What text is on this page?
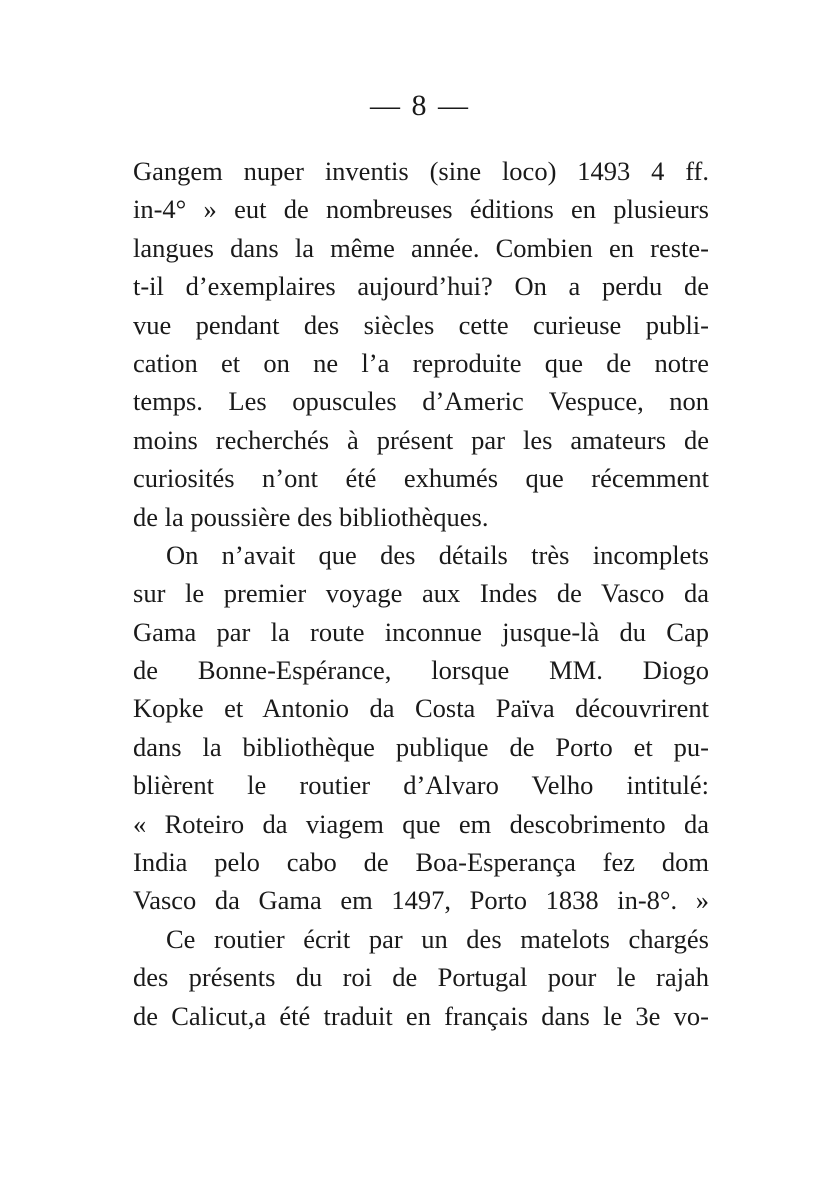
— 8 —
Gangem nuper inventis (sine loco) 1493 4 ff.
in-4° » eut de nombreuses éditions en plusieurs
langues dans la même année. Combien en reste-
t-il d’exemplaires aujourd’hui? On a perdu de
vue pendant des siècles cette curieuse publi-
cation et on ne l’a reproduite que de notre
temps. Les opuscules d’Americ Vespuce, non
moins recherchés à présent par les amateurs de
curiosités n’ont été exhumés que récemment
de la poussière des bibliothèques.
On n’avait que des détails très incomplets
sur le premier voyage aux Indes de Vasco da
Gama par la route inconnue jusque-là du Cap
de Bonne-Espérance, lorsque MM. Diogo
Kopke et Antonio da Costa Païva découvrirent
dans la bibliothèque publique de Porto et pu-
blièrent le routier d’Alvaro Velho intitulé:
« Roteiro da viagem que em descobrimento da
India pelo cabo de Boa-Esperança fez dom
Vasco da Gama em 1497, Porto 1838 in-8°. »
Ce routier écrit par un des matelots chargés
des présents du roi de Portugal pour le rajah
de Calicut,a été traduit en français dans le 3e vo-
